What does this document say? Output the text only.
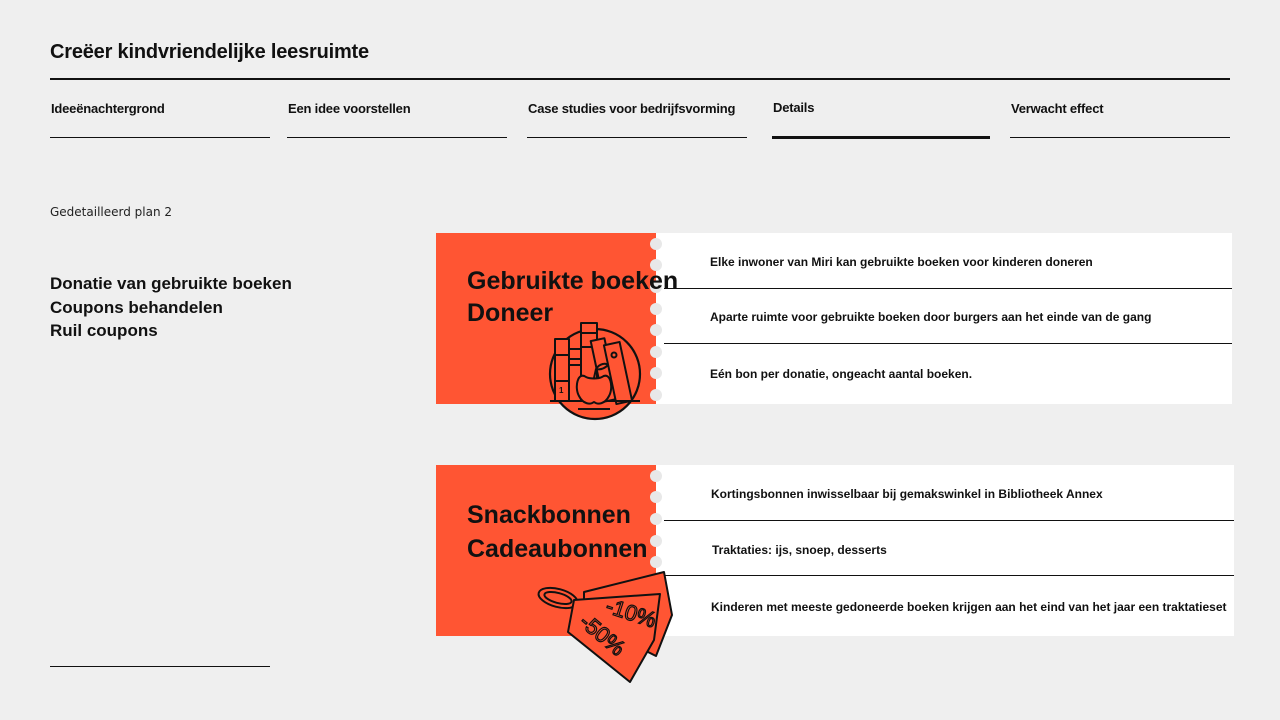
Creëer kindvriendelijke leesruimte
Ideeënachtergrond	Een idee voorstellen	Case studies voor bedrijfsvorming	Details	Verwacht effect
Gedetailleerd plan 2
Donatie van gebruikte boeken
Coupons behandelen
Ruil coupons
Gebruikte boeken
Doneer
Elke inwoner van Miri kan gebruikte boeken voor kinderen doneren
Aparte ruimte voor gebruikte boeken door burgers aan het einde van de gang
Eén bon per donatie, ongeacht aantal boeken.
1
Snackbonnen
Cadeaubonnen
Kortingsbonnen inwisselbaar bij gemakswinkel in Bibliotheek Annex
Traktaties: ijs, snoep, desserts
Kinderen met meeste gedoneerde boeken krijgen aan het eind van het jaar een traktatieset
-10%
-50%
